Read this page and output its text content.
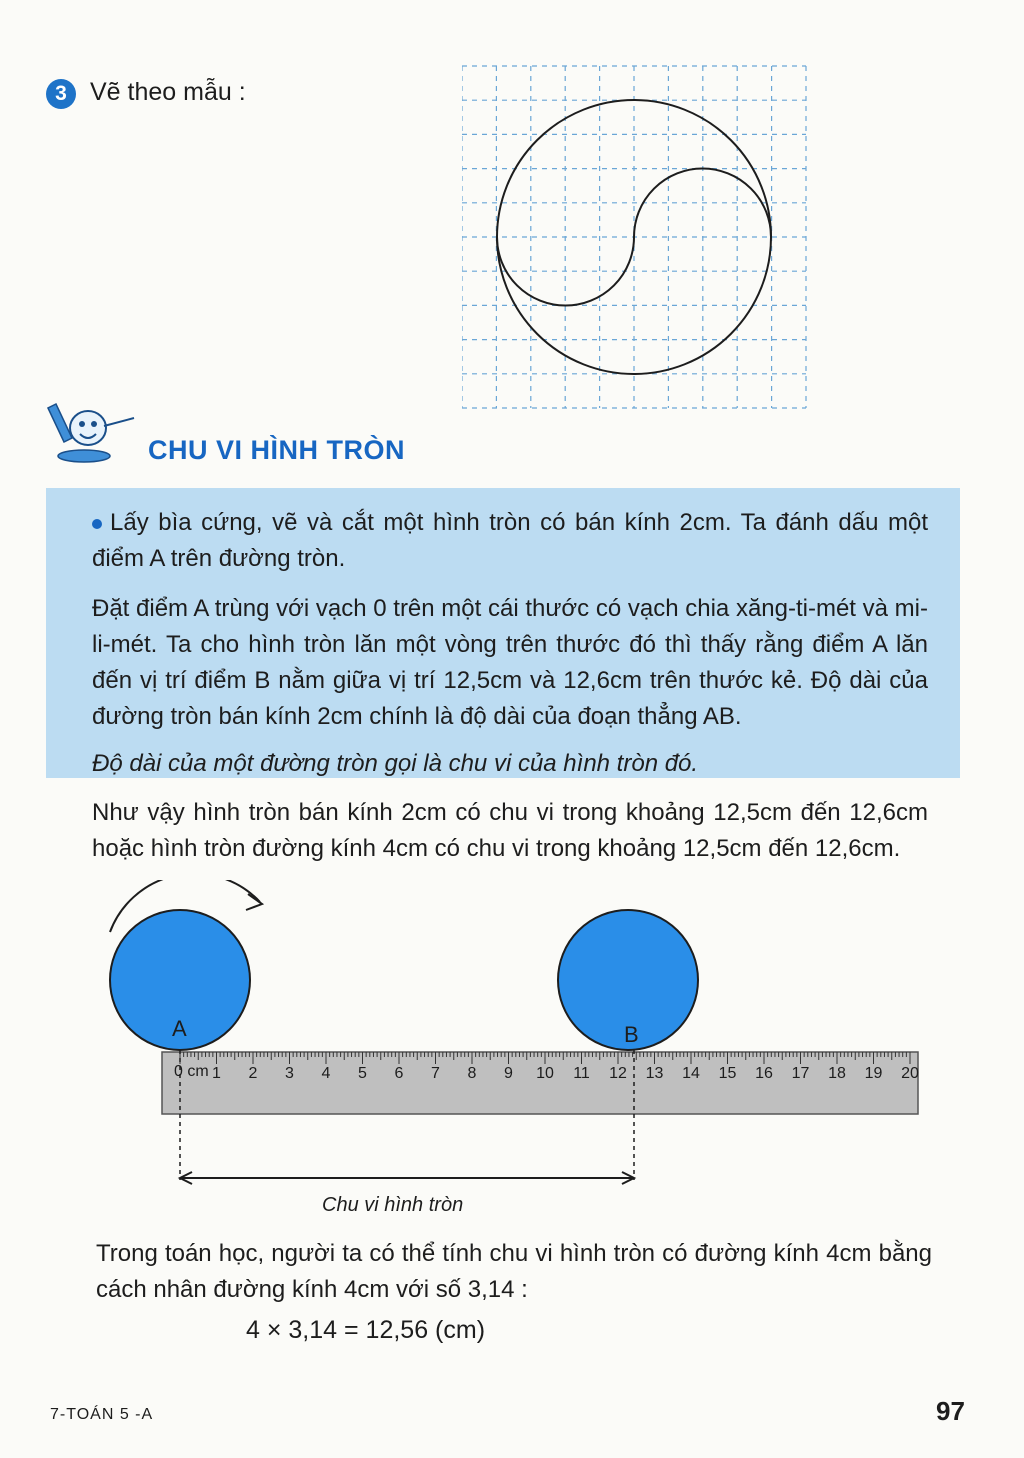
3 Vẽ theo mẫu :
CHU VI HÌNH TRÒN

Lấy bìa cứng, vẽ và cắt một hình tròn có bán kính 2cm. Ta đánh dấu một điểm A trên đường tròn.

Đặt điểm A trùng với vạch 0 trên một cái thước có vạch chia xăng-ti-mét và mi-li-mét. Ta cho hình tròn lăn một vòng trên thước đó thì thấy rằng điểm A lăn đến vị trí điểm B nằm giữa vị trí 12,5cm và 12,6cm trên thước kẻ. Độ dài của đường tròn bán kính 2cm chính là độ dài của đoạn thẳng AB.

Độ dài của một đường tròn gọi là chu vi của hình tròn đó.

Như vậy hình tròn bán kính 2cm có chu vi trong khoảng 12,5cm đến 12,6cm hoặc hình tròn đường kính 4cm có chu vi trong khoảng 12,5cm đến 12,6cm.

A	B
0 cm 1 2 3 4 5 6 7 8 9 10 11 12 13 14 15 16 17 18 19 20
Chu vi hình tròn

Trong toán học, người ta có thể tính chu vi hình tròn có đường kính 4cm bằng cách nhân đường kính 4cm với số 3,14 :

4 × 3,14 = 12,56 (cm)
7-TOÁN 5 -A	97
